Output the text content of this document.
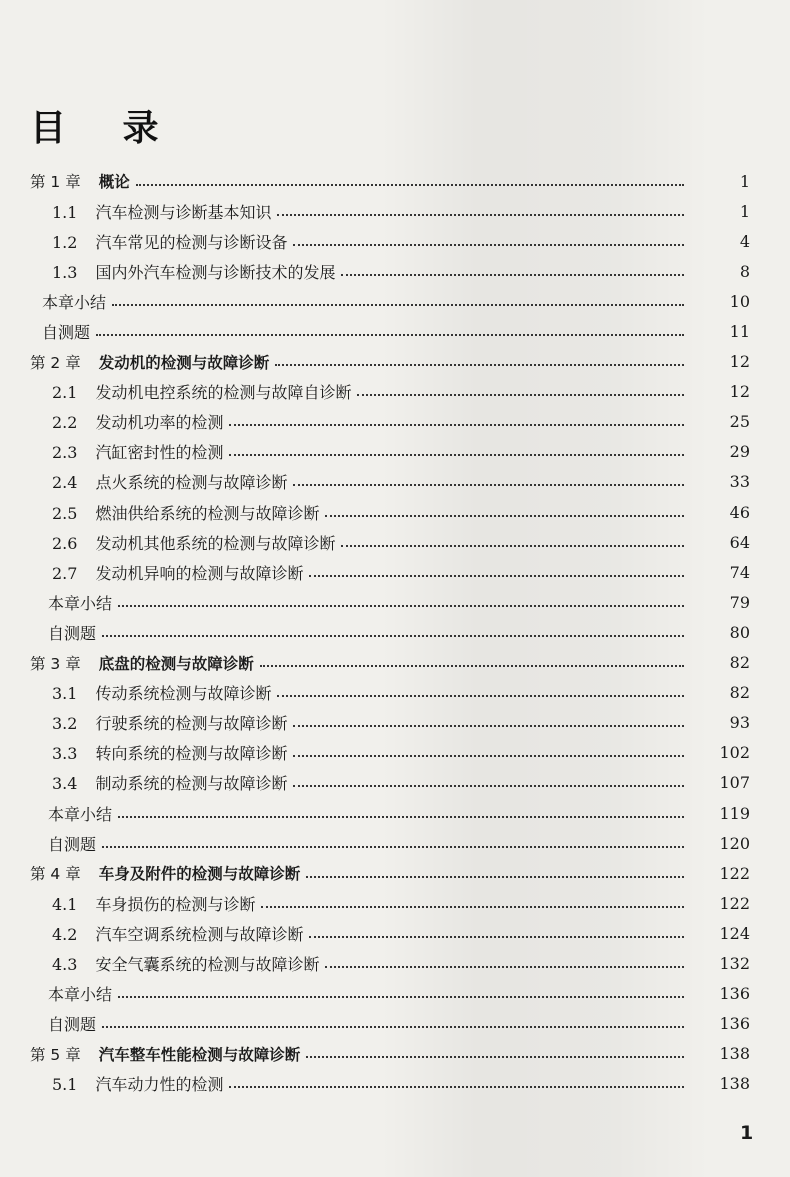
目 录
第 1 章 概论	1
1.1 汽车检测与诊断基本知识	1
1.2 汽车常见的检测与诊断设备	4
1.3 国内外汽车检测与诊断技术的发展	8
本章小结	10
自测题	11
第 2 章 发动机的检测与故障诊断	12
2.1 发动机电控系统的检测与故障自诊断	12
2.2 发动机功率的检测	25
2.3 汽缸密封性的检测	29
2.4 点火系统的检测与故障诊断	33
2.5 燃油供给系统的检测与故障诊断	46
2.6 发动机其他系统的检测与故障诊断	64
2.7 发动机异响的检测与故障诊断	74
本章小结	79
自测题	80
第 3 章 底盘的检测与故障诊断	82
3.1 传动系统检测与故障诊断	82
3.2 行驶系统的检测与故障诊断	93
3.3 转向系统的检测与故障诊断	102
3.4 制动系统的检测与故障诊断	107
本章小结	119
自测题	120
第 4 章 车身及附件的检测与故障诊断	122
4.1 车身损伤的检测与诊断	122
4.2 汽车空调系统检测与故障诊断	124
4.3 安全气囊系统的检测与故障诊断	132
本章小结	136
自测题	136
第 5 章 汽车整车性能检测与故障诊断	138
5.1 汽车动力性的检测	138
1
